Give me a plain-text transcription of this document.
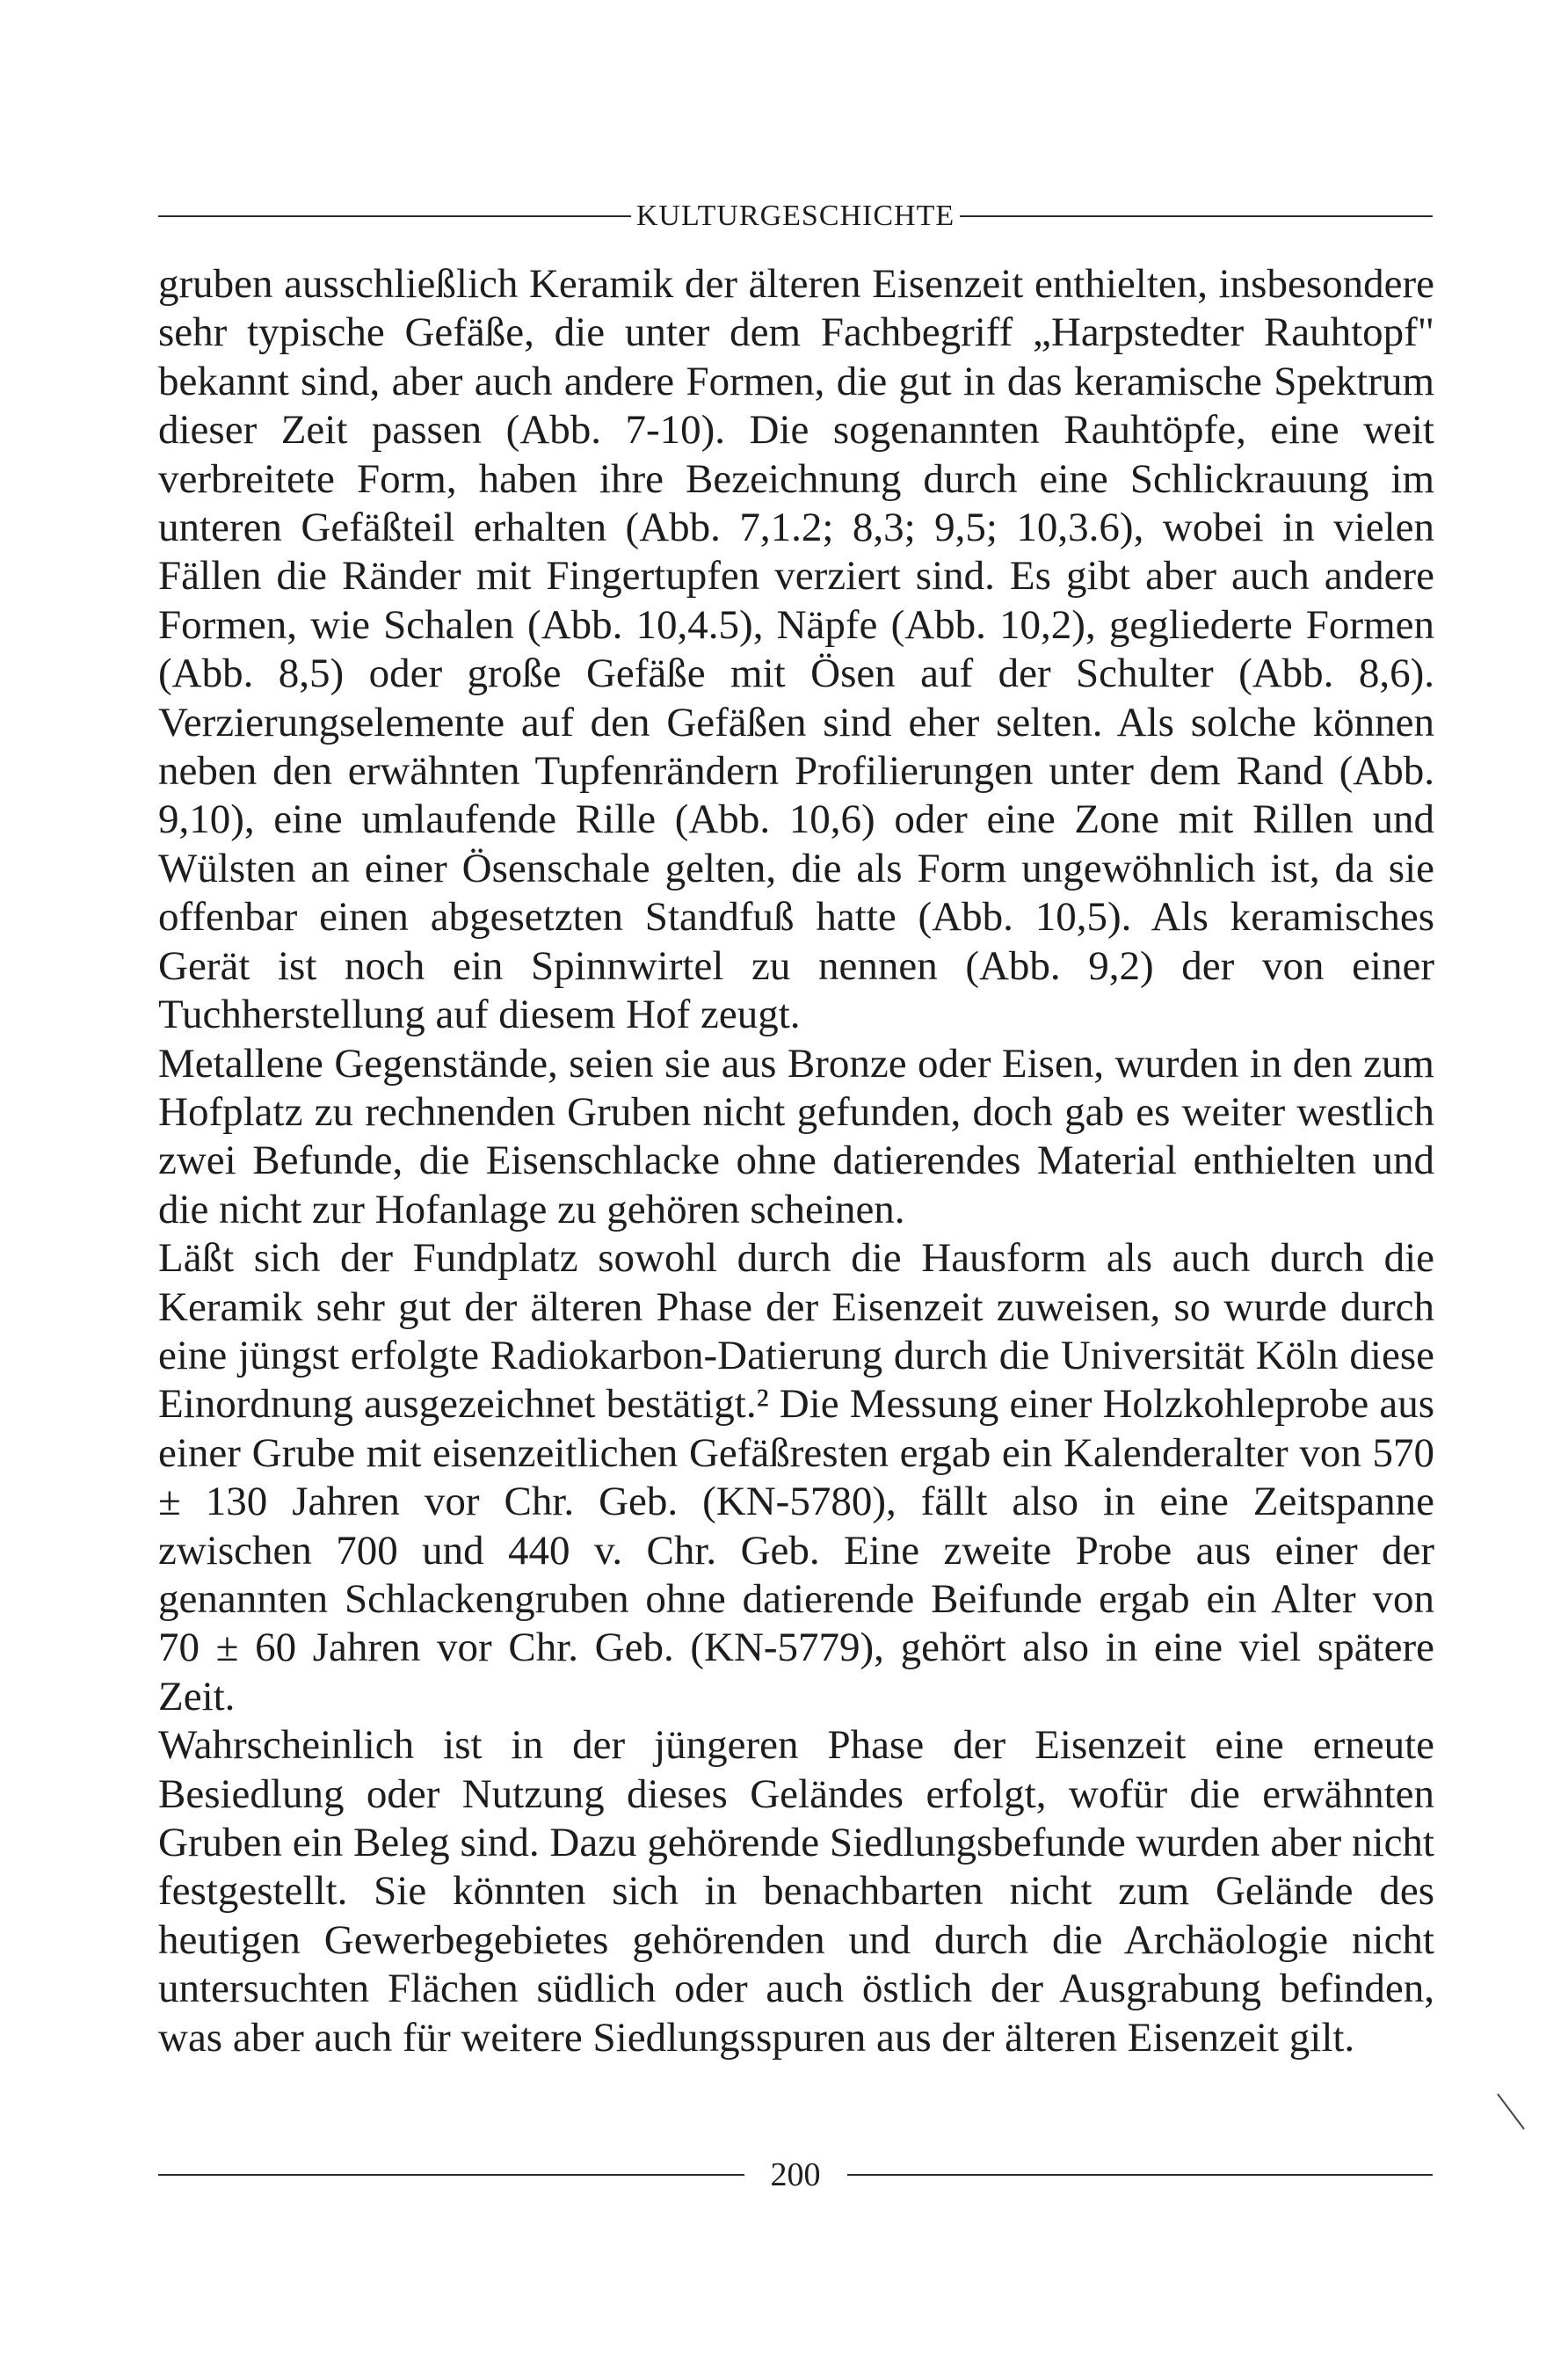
KULTURGESCHICHTE

gruben ausschließlich Keramik der älteren Eisenzeit enthielten, insbesondere sehr typische Gefäße, die unter dem Fachbegriff „Harpstedter Rauhtopf" bekannt sind, aber auch andere Formen, die gut in das keramische Spektrum dieser Zeit passen (Abb. 7-10). Die sogenannten Rauhtöpfe, eine weit verbreitete Form, haben ihre Bezeichnung durch eine Schlickrauung im unteren Gefäßteil erhalten (Abb. 7,1.2; 8,3; 9,5; 10,3.6), wobei in vielen Fällen die Ränder mit Fingertupfen verziert sind. Es gibt aber auch andere Formen, wie Schalen (Abb. 10,4.5), Näpfe (Abb. 10,2), gegliederte Formen (Abb. 8,5) oder große Gefäße mit Ösen auf der Schulter (Abb. 8,6). Verzierungselemente auf den Gefäßen sind eher selten. Als solche können neben den erwähnten Tupfenrändern Profilierungen unter dem Rand (Abb. 9,10), eine umlaufende Rille (Abb. 10,6) oder eine Zone mit Rillen und Wülsten an einer Ösenschale gelten, die als Form ungewöhnlich ist, da sie offenbar einen abgesetzten Standfuß hatte (Abb. 10,5). Als keramisches Gerät ist noch ein Spinnwirtel zu nennen (Abb. 9,2) der von einer Tuchherstellung auf diesem Hof zeugt.

Metallene Gegenstände, seien sie aus Bronze oder Eisen, wurden in den zum Hofplatz zu rechnenden Gruben nicht gefunden, doch gab es weiter westlich zwei Befunde, die Eisenschlacke ohne datierendes Material enthielten und die nicht zur Hofanlage zu gehören scheinen.

Läßt sich der Fundplatz sowohl durch die Hausform als auch durch die Keramik sehr gut der älteren Phase der Eisenzeit zuweisen, so wurde durch eine jüngst erfolgte Radiokarbon-Datierung durch die Universität Köln diese Einordnung ausgezeichnet bestätigt.² Die Messung einer Holzkohleprobe aus einer Grube mit eisenzeitlichen Gefäßresten ergab ein Kalenderalter von 570 ± 130 Jahren vor Chr. Geb. (KN-5780), fällt also in eine Zeitspanne zwischen 700 und 440 v. Chr. Geb. Eine zweite Probe aus einer der genannten Schlackengruben ohne datierende Beifunde ergab ein Alter von 70 ± 60 Jahren vor Chr. Geb. (KN-5779), gehört also in eine viel spätere Zeit.

Wahrscheinlich ist in der jüngeren Phase der Eisenzeit eine erneute Besiedlung oder Nutzung dieses Geländes erfolgt, wofür die erwähnten Gruben ein Beleg sind. Dazu gehörende Siedlungsbefunde wurden aber nicht festgestellt. Sie könnten sich in benachbarten nicht zum Gelände des heutigen Gewerbegebietes gehörenden und durch die Archäologie nicht untersuchten Flächen südlich oder auch östlich der Ausgrabung befinden, was aber auch für weitere Siedlungsspuren aus der älteren Eisenzeit gilt.

200
